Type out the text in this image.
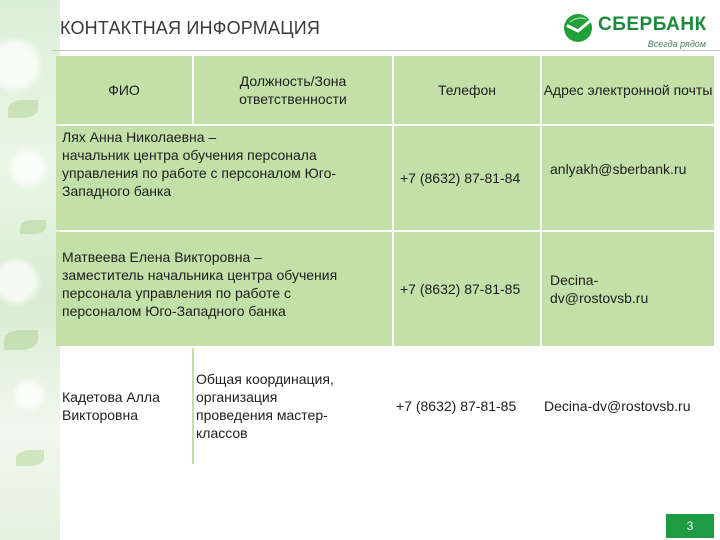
КОНТАКТНАЯ ИНФОРМАЦИЯ	СБЕРБАНК
Всегда рядом
ФИО
Должность/Зона ответственности
Телефон	Адрес электронной почты
Лях Анна Николаевна –
начальник центра обучения персонала
управления по работе с персоналом Юго-
Западного банка
+7 (8632) 87-81-84
anlyakh@sberbank.ru
Матвеева Елена Викторовна –
заместитель начальника центра обучения
персонала управления по работе с
персоналом Юго-Западного банка
+7 (8632) 87-81-85
Decina-
dv@rostovsb.ru
Кадетова Алла
Викторовна
Общая координация,
организация
проведения мастер-
классов
+7 (8632) 87-81-85 Decina-dv@rostovsb.ru
3
